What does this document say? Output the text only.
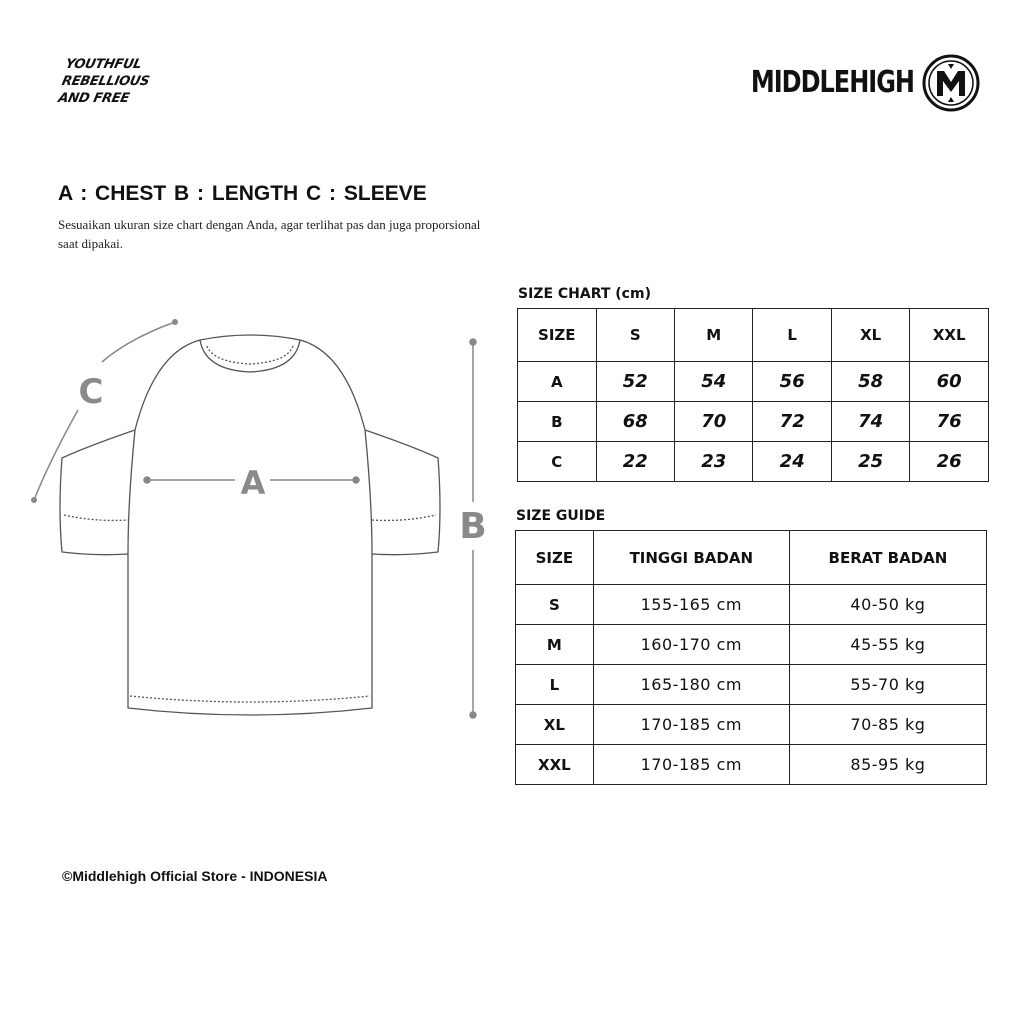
YOUTHFUL
REBELLIOUS
AND FREE	MIDDLEHIGH
A : CHEST B : LENGTH C : SLEEVE
Sesuaikan ukuran size chart dengan Anda, agar terlihat pas dan juga proporsional saat dipakai.
A
B
C
SIZE CHART (cm)
SIZE	S	M	L	XL	XXL
A	52	54	56	58	60
B	68	70	72	74	76
C	22	23	24	25	26
SIZE GUIDE
SIZE	TINGGI BADAN	BERAT BADAN
S	155-165 cm	40-50 kg
M	160-170 cm	45-55 kg
L	165-180 cm	55-70 kg
XL	170-185 cm	70-85 kg
XXL	170-185 cm	85-95 kg
©Middlehigh Official Store - INDONESIA
